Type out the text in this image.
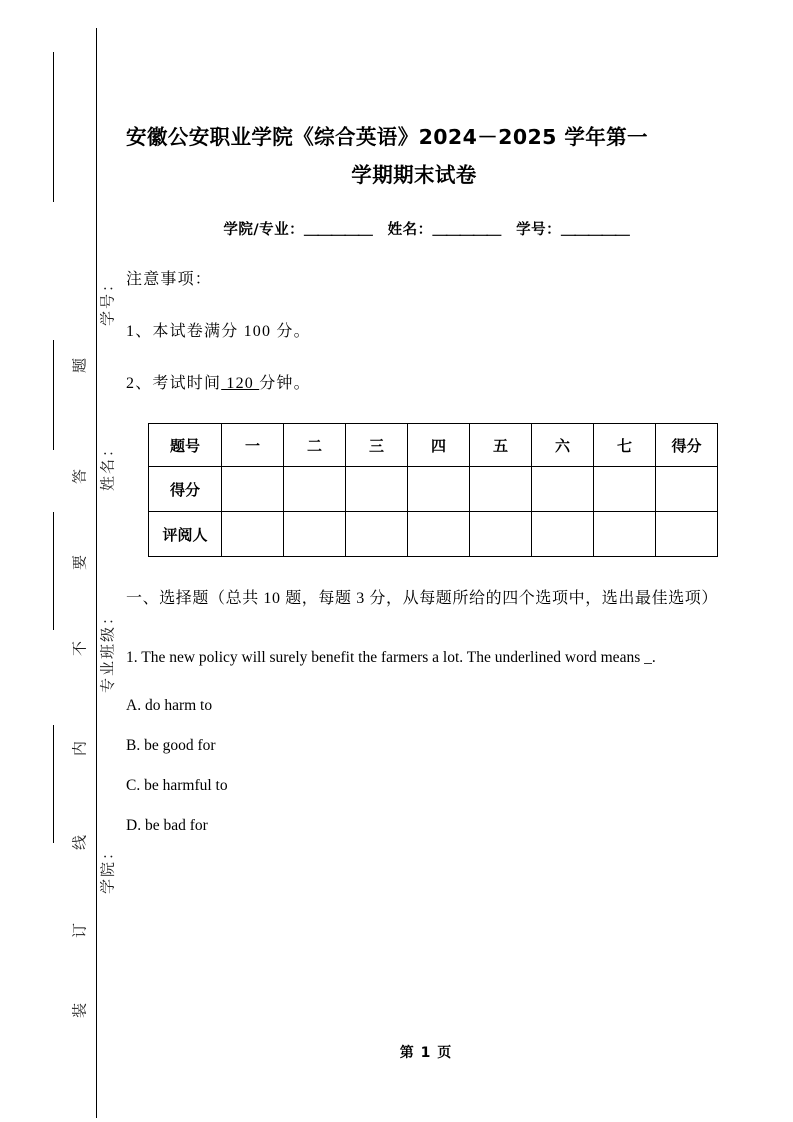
学号：
姓名：
专业班级：
学院：
题
答
要
不
内
线
订
装
安徽公安职业学院《综合英语》2024－2025 学年第一
学期期末试卷
学院/专业：＿＿＿＿＿ 姓名：＿＿＿＿＿ 学号：＿＿＿＿＿

注意事项：

1、本试卷满分 100 分。

2、考试时间 120 分钟。

题号	一	二	三	四	五	六	七	得分
得分								
评阅人								

一、选择题（总共 10 题，每题 3 分，从每题所给的四个选项中，选出最佳选项）

1. The new policy will surely benefit the farmers a lot. The underlined word means _.

A. do harm to

B. be good for

C. be harmful to

D. be bad for

第 1 页
